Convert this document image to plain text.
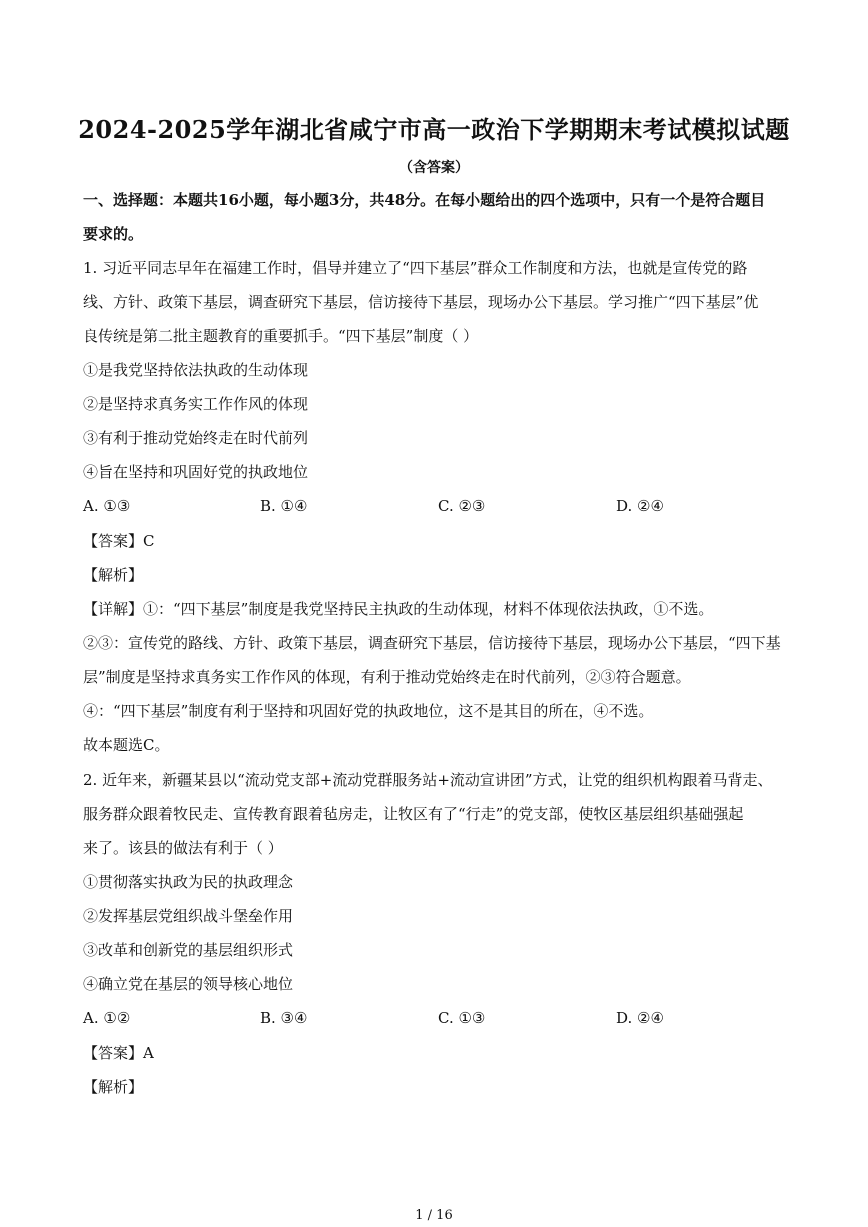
2024-2025学年湖北省咸宁市高一政治下学期期末考试模拟试题
（含答案）
一、选择题：本题共16小题，每小题3分，共48分。在每小题给出的四个选项中，只有一个是符合题目
要求的。
1. 习近平同志早年在福建工作时，倡导并建立了“四下基层”群众工作制度和方法，也就是宣传党的路
线、方针、政策下基层，调查研究下基层，信访接待下基层，现场办公下基层。学习推广“四下基层”优
良传统是第二批主题教育的重要抓手。“四下基层”制度（ ）
①是我党坚持依法执政的生动体现
②是坚持求真务实工作作风的体现
③有利于推动党始终走在时代前列
④旨在坚持和巩固好党的执政地位
A. ①③	B. ①④	C. ②③	D. ②④
【答案】C
【解析】
【详解】①：“四下基层”制度是我党坚持民主执政的生动体现，材料不体现依法执政，①不选。
②③：宣传党的路线、方针、政策下基层，调查研究下基层，信访接待下基层，现场办公下基层，“四下基
层”制度是坚持求真务实工作作风的体现，有利于推动党始终走在时代前列，②③符合题意。
④：“四下基层”制度有利于坚持和巩固好党的执政地位，这不是其目的所在，④不选。
故本题选C。
2. 近年来，新疆某县以“流动党支部+流动党群服务站+流动宣讲团”方式，让党的组织机构跟着马背走、
服务群众跟着牧民走、宣传教育跟着毡房走，让牧区有了“行走”的党支部，使牧区基层组织基础强起
来了。该县的做法有利于（ ）
①贯彻落实执政为民的执政理念
②发挥基层党组织战斗堡垒作用
③改革和创新党的基层组织形式
④确立党在基层的领导核心地位
A. ①②	B. ③④	C. ①③	D. ②④
【答案】A
【解析】
1 / 16
